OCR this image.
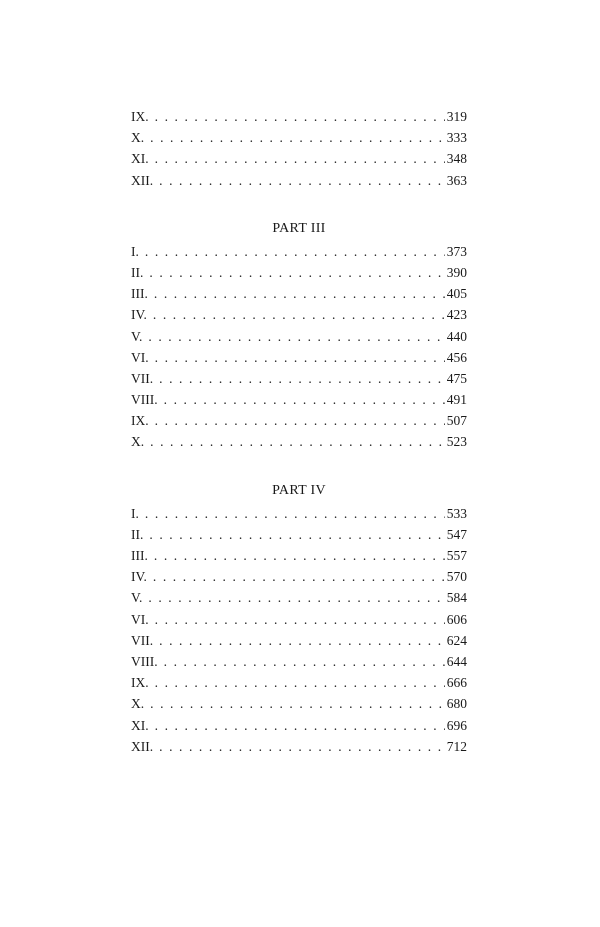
IX. . . .	319
X. . . .	333
XI. . . .	348
XII. . . .	363
PART III
I. . . .	373
II. . . .	390
III. . . .	405
IV. . . .	423
V. . . .	440
VI. . . .	456
VII. . . .	475
VIII. . . .	491
IX. . . .	507
X. . . .	523
PART IV
I. . . .	533
II. . . .	547
III. . . .	557
IV. . . .	570
V. . . .	584
VI. . . .	606
VII. . . .	624
VIII. . . .	644
IX. . . .	666
X. . . .	680
XI. . . .	696
XII. . . .	712
